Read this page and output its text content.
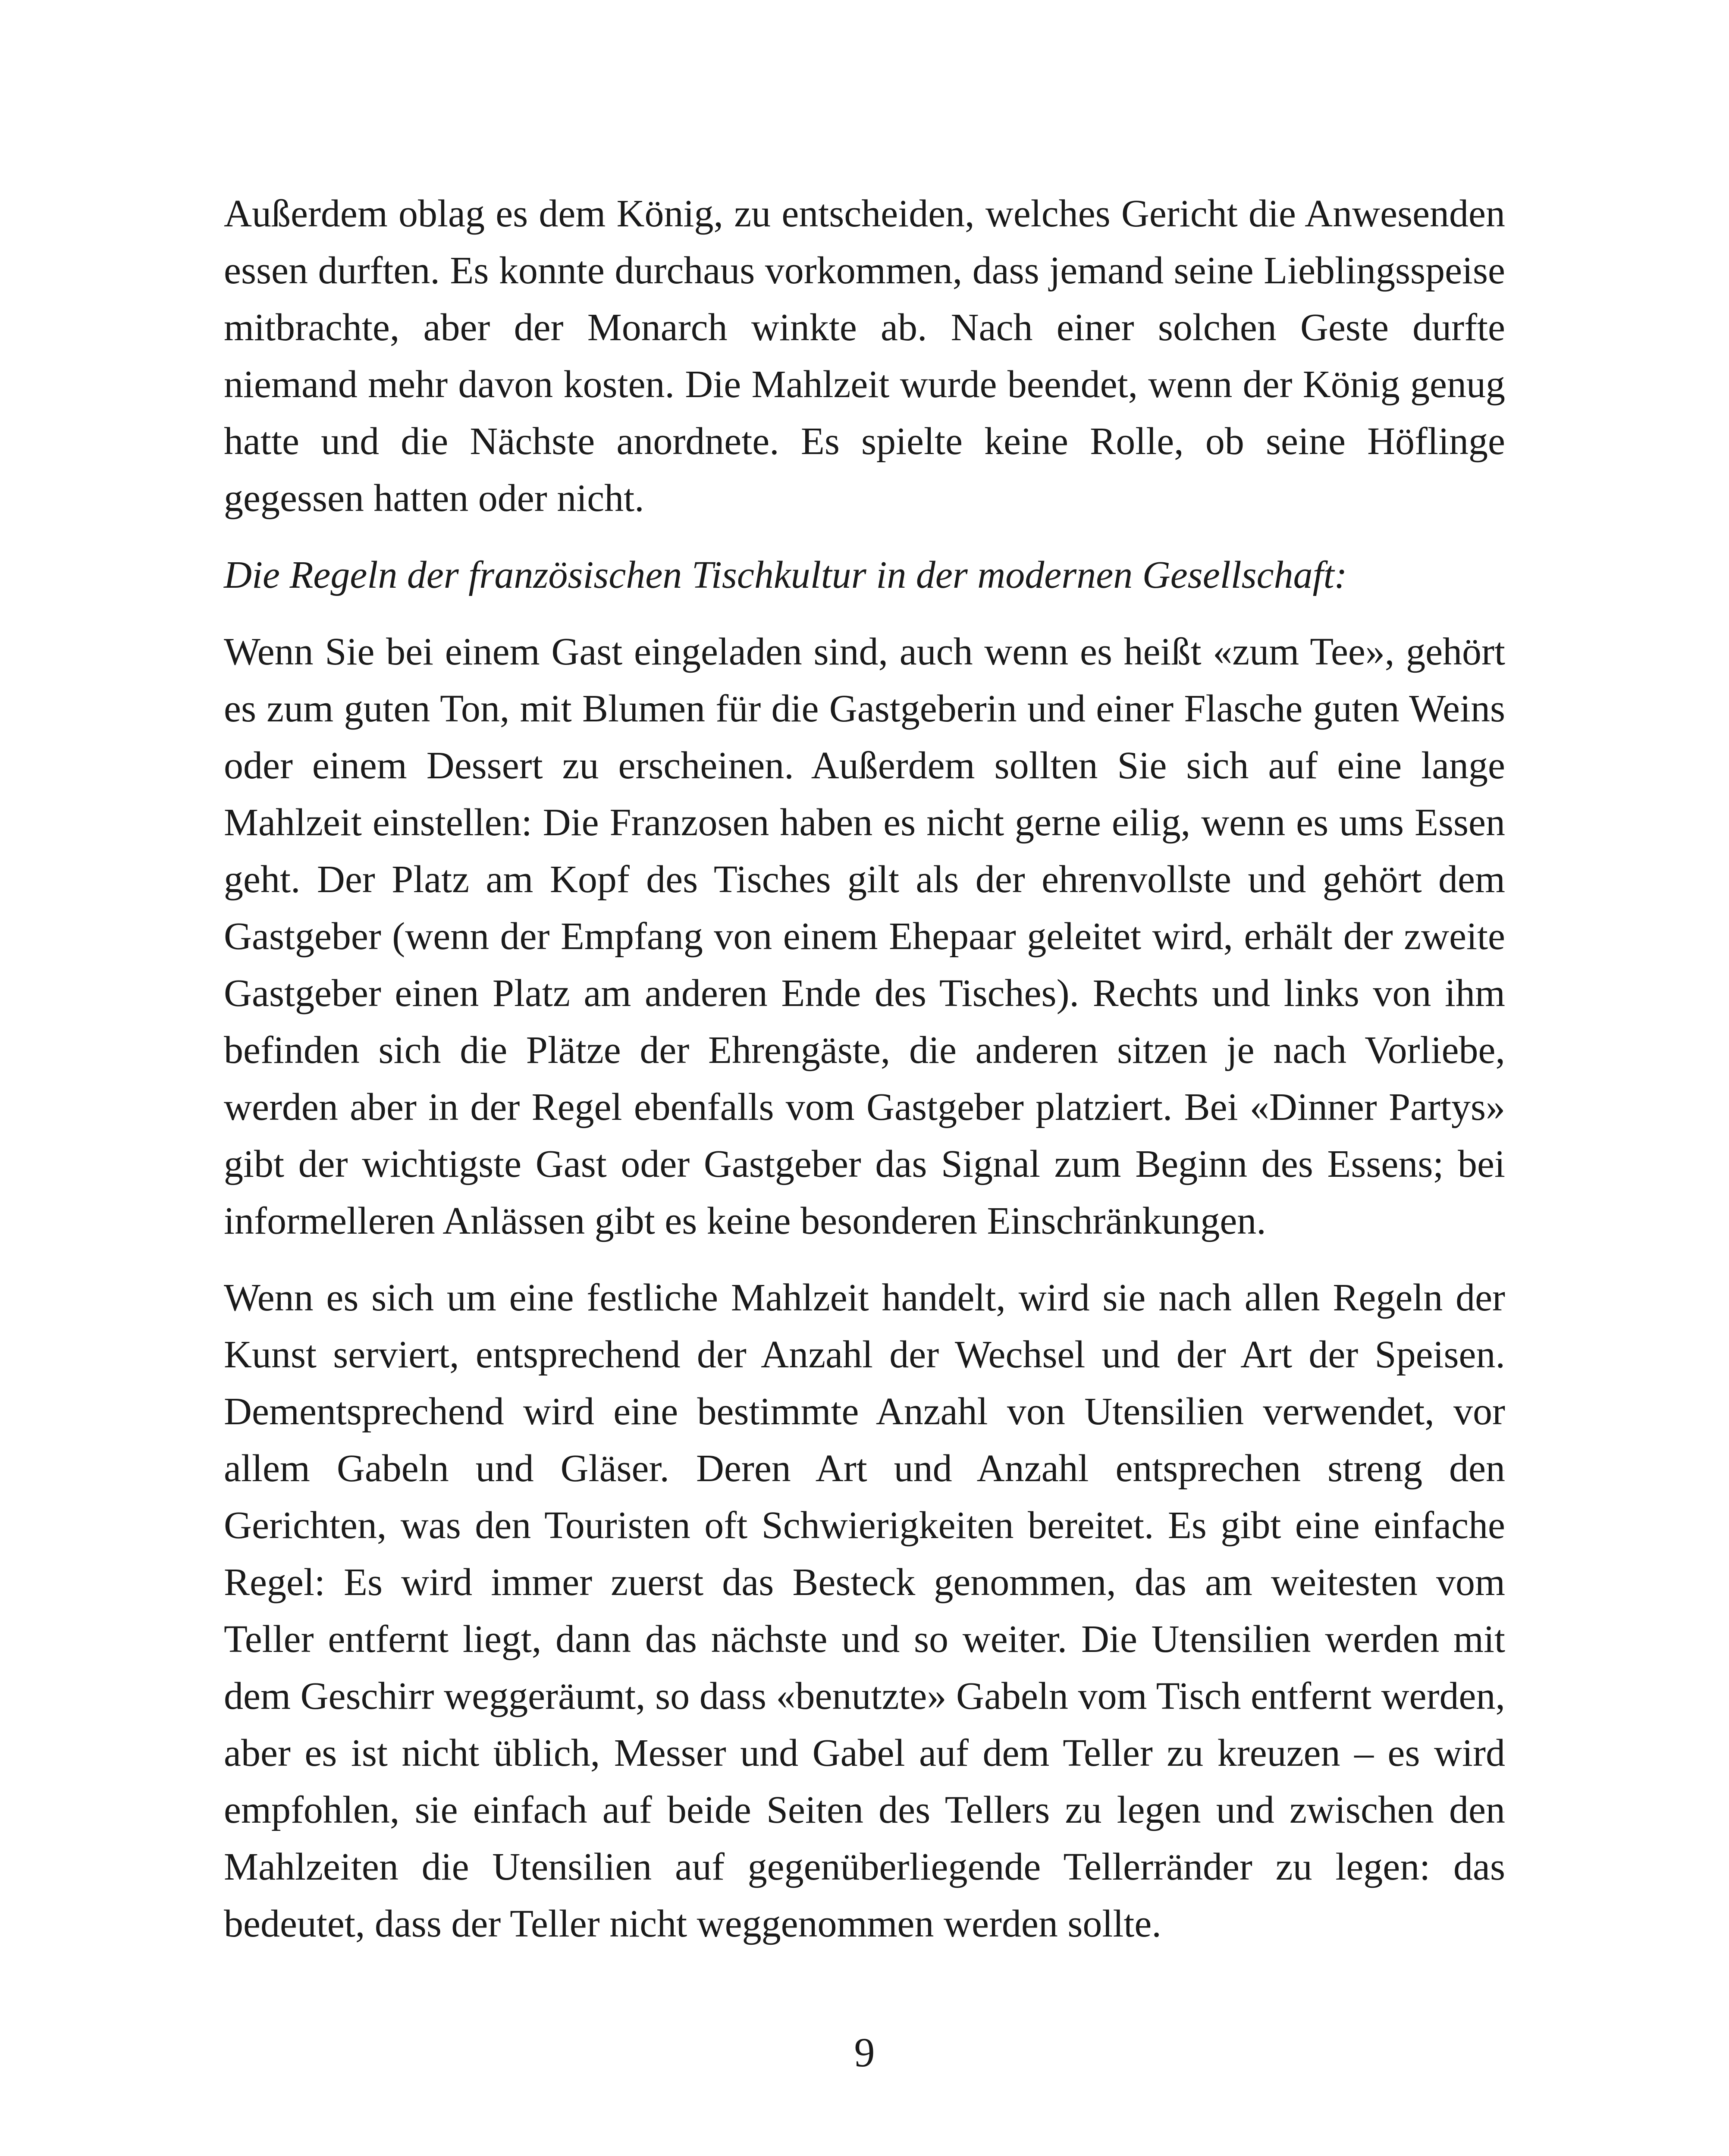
Außerdem oblag es dem König, zu entscheiden, welches Gericht die Anwesenden essen durften. Es konnte durchaus vorkommen, dass jemand seine Lieblingsspeise mitbrachte, aber der Monarch winkte ab. Nach einer solchen Geste durfte niemand mehr davon kosten. Die Mahlzeit wurde beendet, wenn der König genug hatte und die Nächste anordnete. Es spielte keine Rolle, ob seine Höflinge gegessen hatten oder nicht.

Die Regeln der französischen Tischkultur in der modernen Gesellschaft:

Wenn Sie bei einem Gast eingeladen sind, auch wenn es heißt «zum Tee», gehört es zum guten Ton, mit Blumen für die Gastgeberin und einer Flasche guten Weins oder einem Dessert zu erscheinen. Außerdem sollten Sie sich auf eine lange Mahlzeit einstellen: Die Franzosen haben es nicht gerne eilig, wenn es ums Essen geht. Der Platz am Kopf des Tisches gilt als der ehrenvollste und gehört dem Gastgeber (wenn der Empfang von einem Ehepaar geleitet wird, erhält der zweite Gastgeber einen Platz am anderen Ende des Tisches). Rechts und links von ihm befinden sich die Plätze der Ehrengäste, die anderen sitzen je nach Vorliebe, werden aber in der Regel ebenfalls vom Gastgeber platziert. Bei «Dinner Partys» gibt der wichtigste Gast oder Gastgeber das Signal zum Beginn des Essens; bei informelleren Anlässen gibt es keine besonderen Einschränkungen.

Wenn es sich um eine festliche Mahlzeit handelt, wird sie nach allen Regeln der Kunst serviert, entsprechend der Anzahl der Wechsel und der Art der Speisen. Dementsprechend wird eine bestimmte Anzahl von Utensilien verwendet, vor allem Gabeln und Gläser. Deren Art und Anzahl entsprechen streng den Gerichten, was den Touristen oft Schwierigkeiten bereitet. Es gibt eine einfache Regel: Es wird immer zuerst das Besteck genommen, das am weitesten vom Teller entfernt liegt, dann das nächste und so weiter. Die Utensilien werden mit dem Geschirr weggeräumt, so dass «benutzte» Gabeln vom Tisch entfernt werden, aber es ist nicht üblich, Messer und Gabel auf dem Teller zu kreuzen – es wird empfohlen, sie einfach auf beide Seiten des Tellers zu legen und zwischen den Mahlzeiten die Utensilien auf gegenüberliegende Tellerränder zu legen: das bedeutet, dass der Teller nicht weggenommen werden sollte.

9
